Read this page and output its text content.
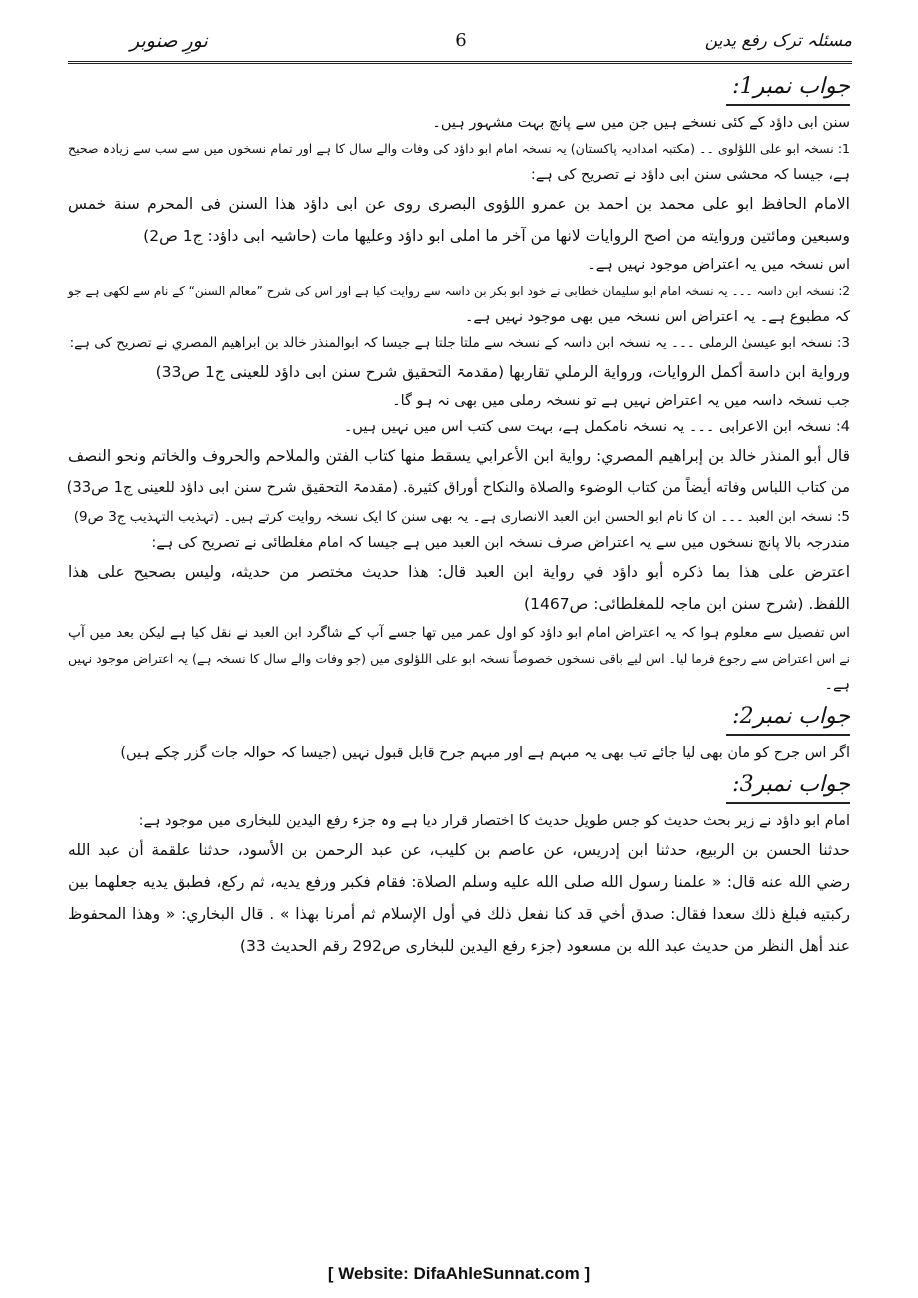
مسئلہ ترک رفع یدین
6
نورِ صنوبر
جواب نمبر1:

سنن ابی داؤد کے کئی نسخے ہیں جن میں سے پانچ بہت مشہور ہیں۔

1: نسخہ ابو علی اللؤلوی ۔۔ (مکتبہ امدادیہ پاکستان) یہ نسخہ امام ابو داؤد کی وفات والے سال کا ہے اور تمام نسخوں میں سے سب سے زیادہ صحیح

ہے، جیسا کہ محشی سنن ابی داؤد نے تصریح کی ہے:

الامام الحافظ ابو علی محمد بن احمد بن عمرو اللؤوی البصری روی عن ابی داؤد هذا السنن فی المحرم سنة خمس

وسبعين ومائتين وروايته من اصح الروايات لانها من آخر ما املى ابو داؤد وعليها مات (حاشیہ ابی داؤد: ج1 ص2)

اس نسخہ میں یہ اعتراض موجود نہیں ہے۔

2: نسخہ ابن داسہ ۔۔۔ یہ نسخہ امام ابو سلیمان خطابی نے خود ابو بکر بن داسہ سے روایت کیا ہے اور اس کی شرح ”معالم السنن“ کے نام سے لکھی ہے جو

کہ مطبوع ہے۔ یہ اعتراض اس نسخہ میں بھی موجود نہیں ہے۔

3: نسخہ ابو عیسیٰ الرملی ۔۔۔ یہ نسخہ ابن داسہ کے نسخہ سے ملتا جلتا ہے جیسا کہ ابوالمنذر خالد بن ابراهيم المصري نے تصریح کی ہے:

ورواية ابن داسة أكمل الروايات، ورواية الرملي تقاربها (مقدمۃ التحقیق شرح سنن ابی داؤد للعینی ج1 ص33)

جب نسخہ داسہ میں یہ اعتراض نہیں ہے تو نسخہ رملی میں بھی نہ ہو گا۔

4: نسخہ ابن الاعرابی ۔۔۔ یہ نسخہ نامکمل ہے، بہت سی کتب اس میں نہیں ہیں۔

قال أبو المنذر خالد بن إبراهيم المصري: رواية ابن الأعرابي يسقط منها كتاب الفتن والملاحم والحروف والخاتم ونحو النصف

من كتاب اللباس وفاته أيضاً من كتاب الوضوء والصلاة والنكاح أوراق كثيرة. (مقدمۃ التحقیق شرح سنن ابی داؤد للعینی ج1 ص33)

5: نسخہ ابن العبد ۔۔۔ ان کا نام ابو الحسن ابن العبد الانصاری ہے۔ یہ بھی سنن کا ایک نسخہ روایت کرتے ہیں۔ (تہذیب التہذیب ج3 ص9)

مندرجہ بالا پانچ نسخوں میں سے یہ اعتراض صرف نسخہ ابن العبد میں ہے جیسا کہ امام مغلطائی نے تصریح کی ہے:

اعترض على هذا بما ذكره أبو داؤد في رواية ابن العبد قال: هذا حديث مختصر من حديثه، وليس بصحيح على هذا

اللفظ. (شرح سنن ابن ماجہ للمغلطائی: ص1467)

اس تفصیل سے معلوم ہوا کہ یہ اعتراض امام ابو داؤد کو اول عمر میں تھا جسے آپ کے شاگرد ابن العبد نے نقل کیا ہے لیکن بعد میں آپ

نے اس اعتراض سے رجوع فرما لیا۔ اس لیے باقی نسخوں خصوصاً نسخہ ابو علی اللؤلوی میں (جو وفات والے سال کا نسخہ ہے) یہ اعتراض موجود نہیں

ہے۔

جواب نمبر2:

اگر اس جرح کو مان بھی لیا جائے تب بھی یہ مبہم ہے اور مبہم جرح قابل قبول نہیں (جیسا کہ حوالہ جات گزر چکے ہیں)

جواب نمبر3:

امام ابو داؤد نے زیر بحث حدیث کو جس طویل حدیث کا اختصار قرار دیا ہے وہ جزء رفع الیدین للبخاری میں موجود ہے:

حدثنا الحسن بن الربيع، حدثنا ابن إدريس، عن عاصم بن كليب، عن عبد الرحمن بن الأسود، حدثنا علقمة أن عبد الله

رضي الله عنه قال: « علمنا رسول الله صلى الله عليه وسلم الصلاة: فقام فكبر ورفع يديه، ثم ركع، فطبق يديه جعلهما بين

ركبتيه فبلغ ذلك سعدا فقال: صدق أخي قد كنا نفعل ذلك في أول الإسلام ثم أمرنا بهذا » . قال البخاري: « وهذا المحفوظ

عند أهل النظر من حديث عبد الله بن مسعود (جزء رفع الیدین للبخاری ص292 رقم الحدیث 33)

[ Website: DifaAhleSunnat.com ]
